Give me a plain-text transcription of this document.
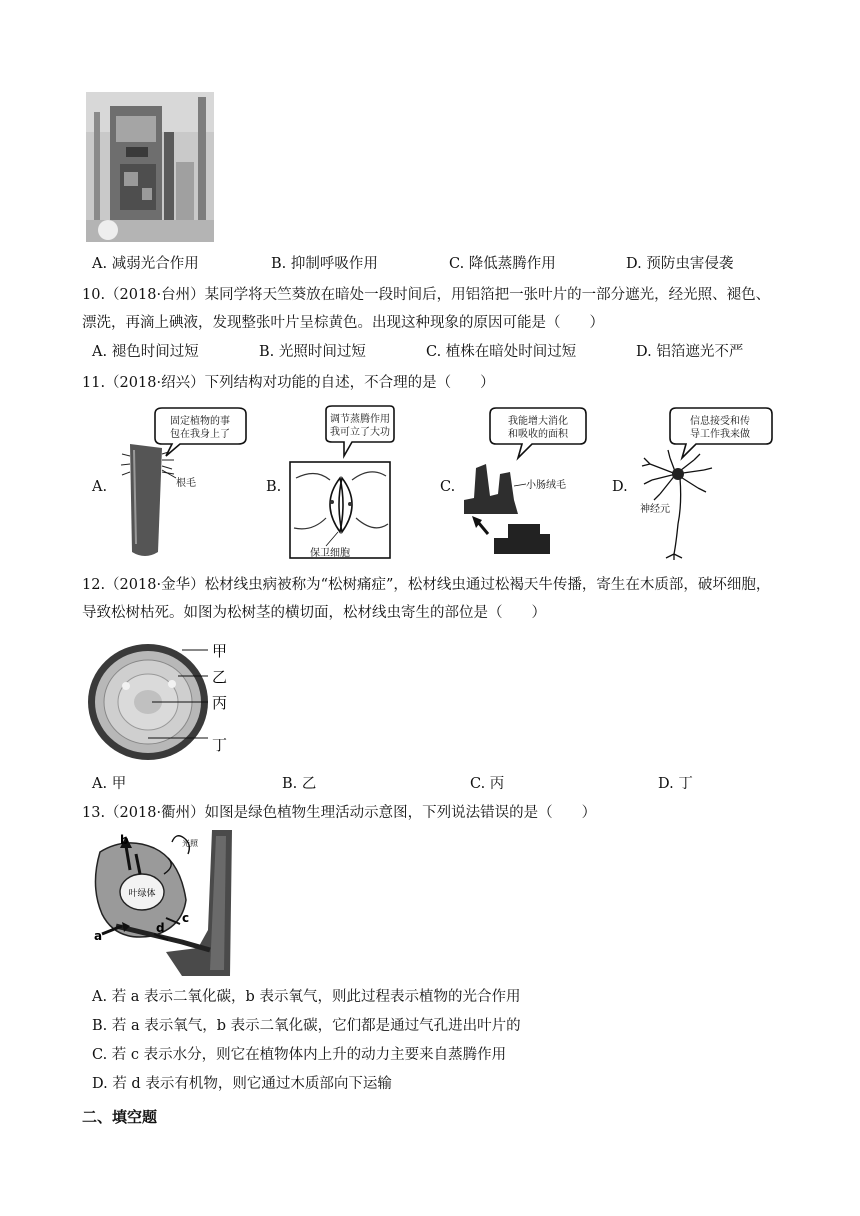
A. 减弱光合作用	B. 抑制呼吸作用	C. 降低蒸腾作用	D. 预防虫害侵袭
10.（2018·台州）某同学将天竺葵放在暗处一段时间后，用铝箔把一张叶片的一部分遮光，经光照、褪色、
漂洗，再滴上碘液，发现整张叶片呈棕黄色。出现这种现象的原因可能是（　　）
A. 褪色时间过短	B. 光照时间过短	C. 植株在暗处时间过短	D. 铝箔遮光不严
11.（2018·绍兴）下列结构对功能的自述，不合理的是（　　）
A.	B.	C.	D.
固定植物的事
包在我身上了
根毛
调节蒸腾作用
我可立了大功
保卫细胞
我能增大消化
和吸收的面积
小肠绒毛
信息接受和传
导工作我来做
神经元
12.（2018·金华）松材线虫病被称为“松树痛症”，松材线虫通过松褐天牛传播，寄生在木质部，破坏细胞，
导致松树枯死。如图为松树茎的横切面，松材线虫寄生的部位是（　　）
甲
乙
丙
丁
A. 甲	B. 乙	C. 丙	D. 丁
13.（2018·衢州）如图是绿色植物生理活动示意图，下列说法错误的是（　　）
叶绿体
光照
b
a
c
d
A. 若 a 表示二氧化碳，b 表示氧气，则此过程表示植物的光合作用
B. 若 a 表示氧气，b 表示二氧化碳，它们都是通过气孔进出叶片的
C. 若 c 表示水分，则它在植物体内上升的动力主要来自蒸腾作用
D. 若 d 表示有机物，则它通过木质部向下运输
二、填空题
